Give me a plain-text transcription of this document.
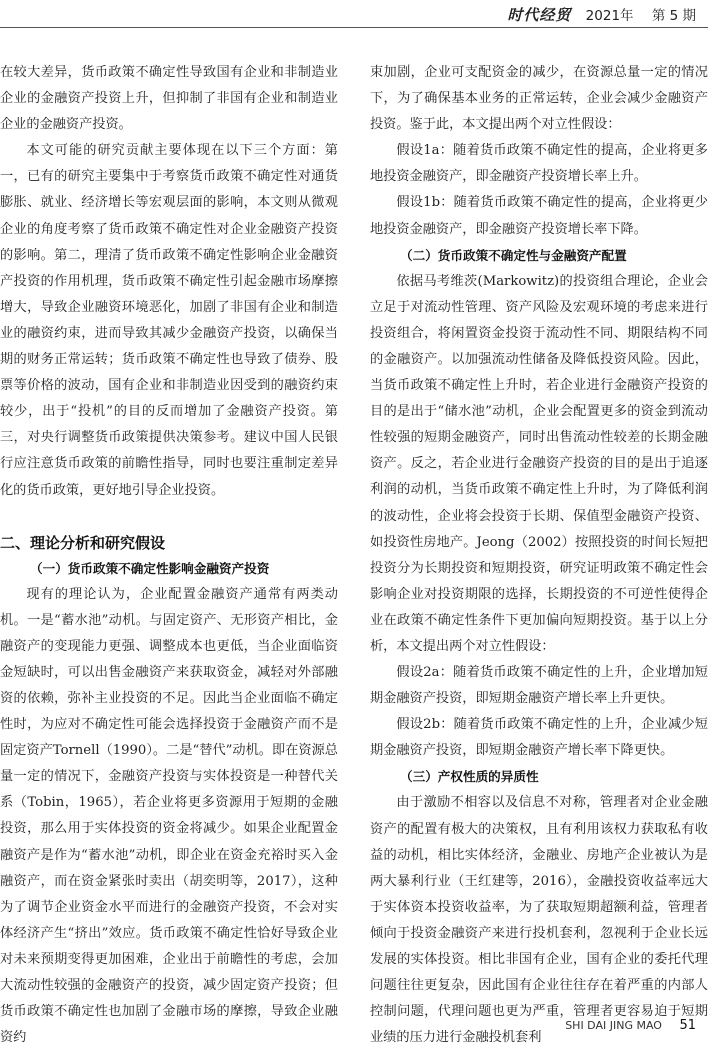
时代经贸 2021年 第 5 期

在较大差异，货币政策不确定性导致国有企业和非制造业企业的金融资产投资上升，但抑制了非国有企业和制造业企业的金融资产投资。

本文可能的研究贡献主要体现在以下三个方面：第一，已有的研究主要集中于考察货币政策不确定性对通货膨胀、就业、经济增长等宏观层面的影响，本文则从微观企业的角度考察了货币政策不确定性对企业金融资产投资的影响。第二，理清了货币政策不确定性影响企业金融资产投资的作用机理，货币政策不确定性引起金融市场摩擦增大，导致企业融资环境恶化，加剧了非国有企业和制造业的融资约束，进而导致其减少金融资产投资，以确保当期的财务正常运转；货币政策不确定性也导致了债券、股票等价格的波动，国有企业和非制造业因受到的融资约束较少，出于“投机”的目的反而增加了金融资产投资。第三，对央行调整货币政策提供决策参考。建议中国人民银行应注意货币政策的前瞻性指导，同时也要注重制定差异化的货币政策，更好地引导企业投资。

二、理论分析和研究假设
（一）货币政策不确定性影响金融资产投资

现有的理论认为，企业配置金融资产通常有两类动机。一是“蓄水池”动机。与固定资产、无形资产相比，金融资产的变现能力更强、调整成本也更低，当企业面临资金短缺时，可以出售金融资产来获取资金，减轻对外部融资的依赖，弥补主业投资的不足。因此当企业面临不确定性时，为应对不确定性可能会选择投资于金融资产而不是固定资产Tornell（1990）。二是“替代”动机。即在资源总量一定的情况下，金融资产投资与实体投资是一种替代关系（Tobin，1965），若企业将更多资源用于短期的金融投资，那么用于实体投资的资金将减少。如果企业配置金融资产是作为“蓄水池”动机，即企业在资金充裕时买入金融资产，而在资金紧张时卖出（胡奕明等，2017），这种为了调节企业资金水平而进行的金融资产投资，不会对实体经济产生“挤出”效应。货币政策不确定性恰好导致企业对未来预期变得更加困难，企业出于前瞻性的考虑，会加大流动性较强的金融资产的投资，减少固定资产投资；但货币政策不确定性也加剧了金融市场的摩擦，导致企业融资约

束加剧，企业可支配资金的减少，在资源总量一定的情况下，为了确保基本业务的正常运转，企业会减少金融资产投资。鉴于此，本文提出两个对立性假设：

假设1a：随着货币政策不确定性的提高，企业将更多地投资金融资产，即金融资产投资增长率上升。

假设1b：随着货币政策不确定性的提高，企业将更少地投资金融资产，即金融资产投资增长率下降。

（二）货币政策不确定性与金融资产配置

依据马考维茨(Markowitz)的投资组合理论，企业会立足于对流动性管理、资产风险及宏观环境的考虑来进行投资组合，将闲置资金投资于流动性不同、期限结构不同的金融资产。以加强流动性储备及降低投资风险。因此，当货币政策不确定性上升时，若企业进行金融资产投资的目的是出于“储水池”动机，企业会配置更多的资金到流动性较强的短期金融资产，同时出售流动性较差的长期金融资产。反之，若企业进行金融资产投资的目的是出于追逐利润的动机，当货币政策不确定性上升时，为了降低利润的波动性，企业将会投资于长期、保值型金融资产投资、如投资性房地产。Jeong（2002）按照投资的时间长短把投资分为长期投资和短期投资，研究证明政策不确定性会影响企业对投资期限的选择，长期投资的不可逆性使得企业在政策不确定性条件下更加偏向短期投资。基于以上分析，本文提出两个对立性假设：

假设2a：随着货币政策不确定性的上升，企业增加短期金融资产投资，即短期金融资产增长率上升更快。

假设2b：随着货币政策不确定性的上升，企业减少短期金融资产投资，即短期金融资产增长率下降更快。

（三）产权性质的异质性

由于激励不相容以及信息不对称，管理者对企业金融资产的配置有极大的决策权，且有利用该权力获取私有收益的动机，相比实体经济，金融业、房地产企业被认为是两大暴利行业（王红建等，2016），金融投资收益率远大于实体资本投资收益率，为了获取短期超额利益，管理者倾向于投资金融资产来进行投机套利，忽视利于企业长远发展的实体投资。相比非国有企业，国有企业的委托代理问题往往更复杂，因此国有企业往往存在着严重的内部人控制问题，代理问题也更为严重，管理者更容易迫于短期业绩的压力进行金融投机套利

SHI DAI JING MAO 51
